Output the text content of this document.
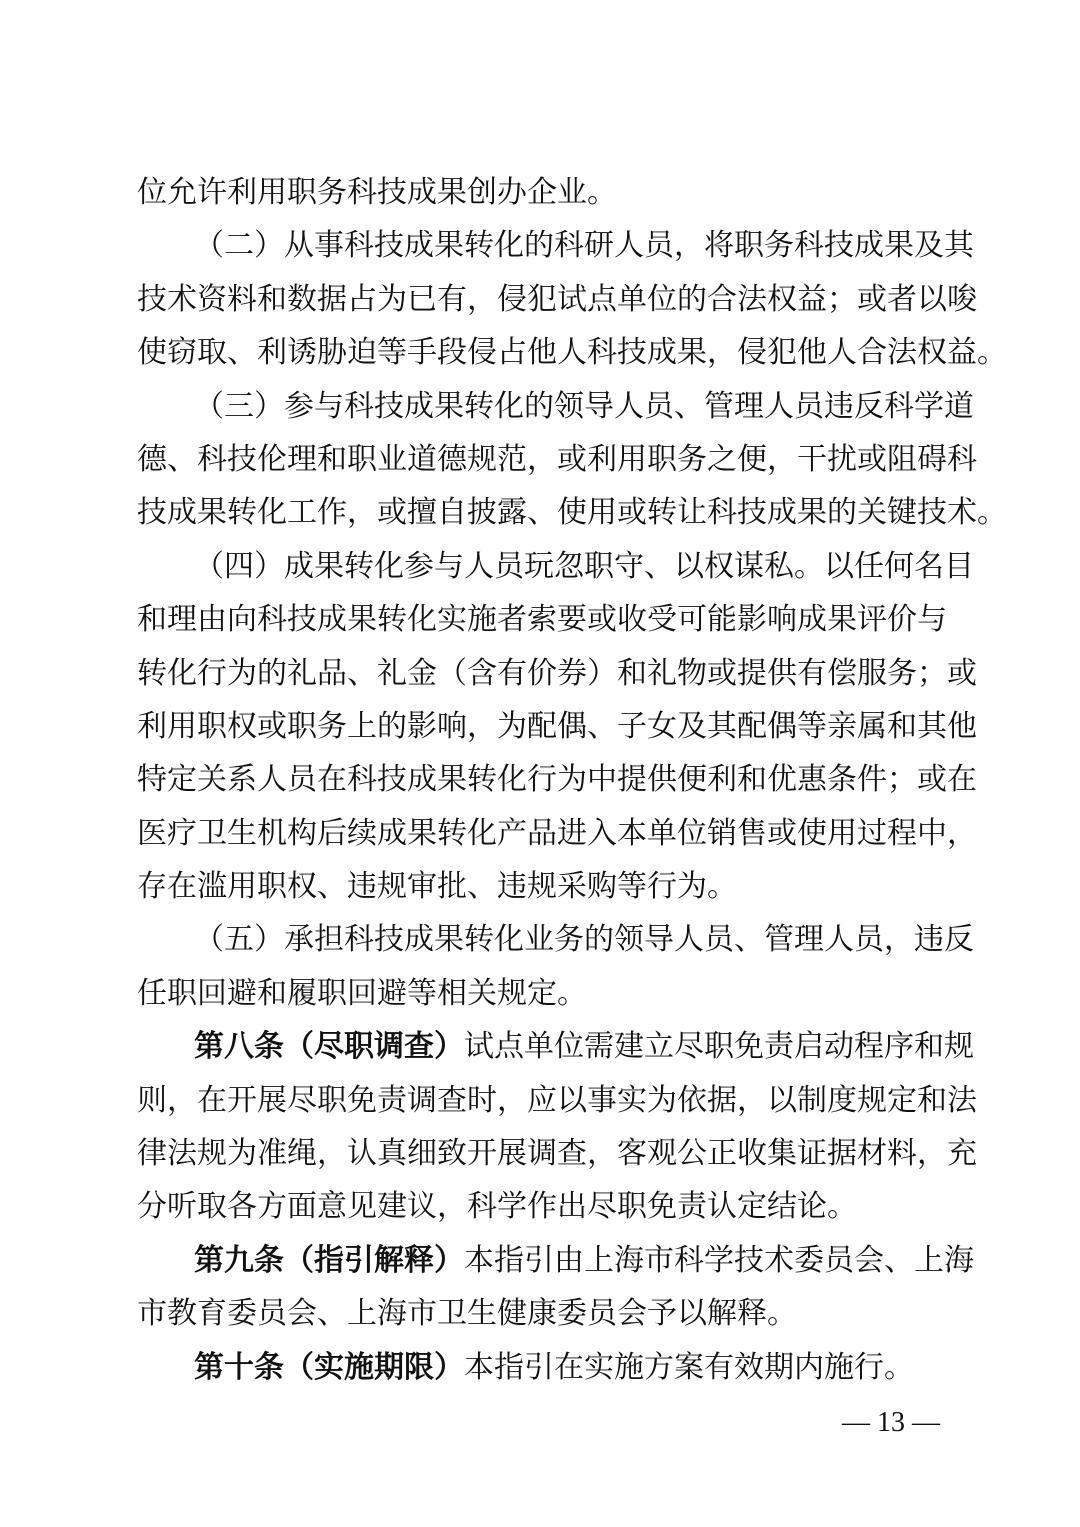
位允许利用职务科技成果创办企业。
（二）从事科技成果转化的科研人员，将职务科技成果及其
技术资料和数据占为已有，侵犯试点单位的合法权益；或者以唆
使窃取、利诱胁迫等手段侵占他人科技成果，侵犯他人合法权益。
（三）参与科技成果转化的领导人员、管理人员违反科学道
德、科技伦理和职业道德规范，或利用职务之便，干扰或阻碍科
技成果转化工作，或擅自披露、使用或转让科技成果的关键技术。
（四）成果转化参与人员玩忽职守、以权谋私。以任何名目
和理由向科技成果转化实施者索要或收受可能影响成果评价与
转化行为的礼品、礼金（含有价券）和礼物或提供有偿服务；或
利用职权或职务上的影响，为配偶、子女及其配偶等亲属和其他
特定关系人员在科技成果转化行为中提供便利和优惠条件；或在
医疗卫生机构后续成果转化产品进入本单位销售或使用过程中，
存在滥用职权、违规审批、违规采购等行为。
（五）承担科技成果转化业务的领导人员、管理人员，违反
任职回避和履职回避等相关规定。
第八条（尽职调查）试点单位需建立尽职免责启动程序和规
则，在开展尽职免责调查时，应以事实为依据，以制度规定和法
律法规为准绳，认真细致开展调查，客观公正收集证据材料，充
分听取各方面意见建议，科学作出尽职免责认定结论。
第九条（指引解释）本指引由上海市科学技术委员会、上海
市教育委员会、上海市卫生健康委员会予以解释。
第十条（实施期限）本指引在实施方案有效期内施行。
— 13 —
